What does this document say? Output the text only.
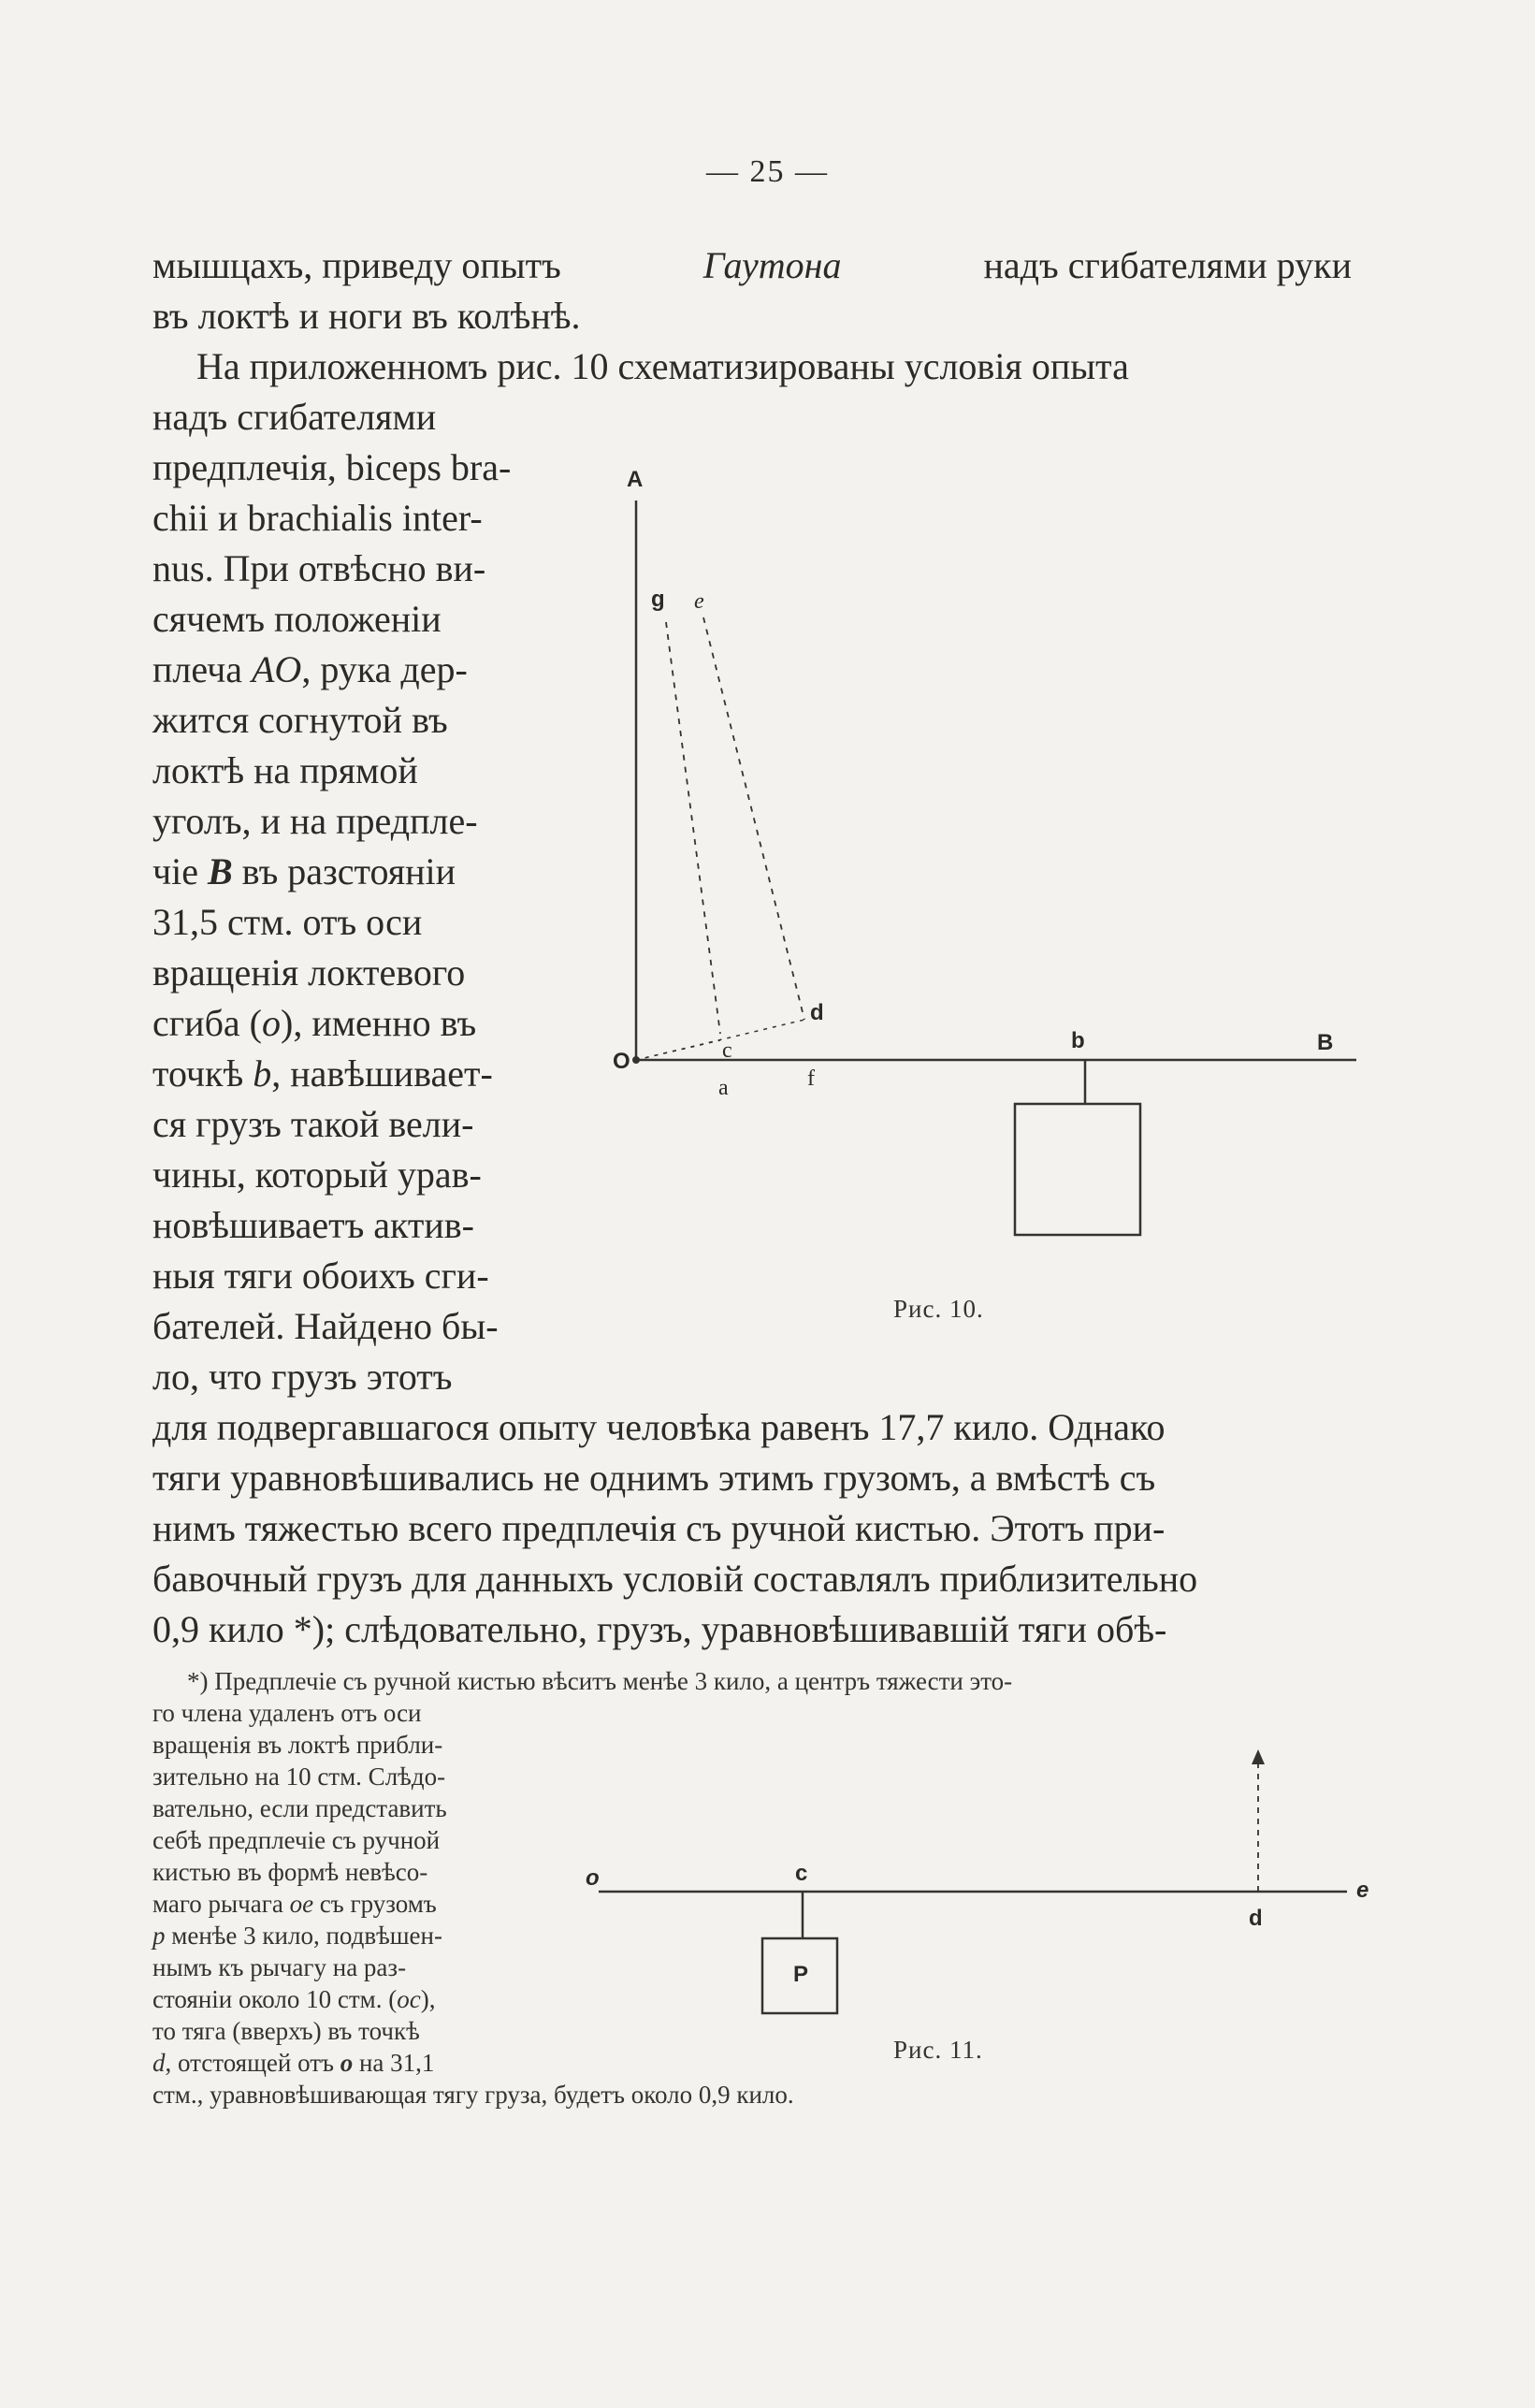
— 25 —
мышцахъ, приведу опытъ	Гаутона	надъ сгибателями руки
въ локтѣ и ноги въ колѣнѣ.
На приложенномъ рис. 10 схематизированы условія опыта
надъ сгибателями
предплечія, biceps bra-
chii и brachialis inter-
nus. При отвѣсно ви-
сячемъ положеніи
плеча AO, рука дер-
жится согнутой въ
локтѣ на прямой
уголъ, и на предпле-
чіе B въ разстояніи
31,5 стм. отъ оси
вращенія локтевого
сгиба (o), именно въ
точкѣ b, навѣшивает-
ся грузъ такой вели-
чины, который урав-
новѣшиваетъ актив-
ныя тяги обоихъ сги-
бателей. Найдено бы-
ло, что грузъ этотъ
для подвергавшагося опыту человѣка равенъ 17,7 кило. Однако
тяги уравновѣшивались не однимъ этимъ грузомъ, а вмѣстѣ съ
нимъ тяжестью всего предплечія съ ручной кистью. Этотъ при-
бавочный грузъ для данныхъ условій составлялъ приблизительно
0,9 кило *); слѣдовательно, грузъ, уравновѣшивавшій тяги обѣ-
*) Предплечіе съ ручной кистью вѣситъ менѣе 3 кило, а центръ тяжести это-
го члена удаленъ отъ оси
вращенія въ локтѣ прибли-
зительно на 10 стм. Слѣдо-
вательно, если представить
себѣ предплечіе съ ручной
кистью въ формѣ невѣсо-
маго рычага oe съ грузомъ
p менѣе 3 кило, подвѣшен-
нымъ къ рычагу на раз-
стояніи около 10 стм. (oc),
то тяга (вверхъ) въ точкѣ
d, отстоящей отъ o на 31,1
стм., уравновѣшивающая тягу груза, будетъ около 0,9 кило.
A
g e
d
O	c
a	f
b	B
Рис. 10.
o	c
d
e
P
Рис. 11.
